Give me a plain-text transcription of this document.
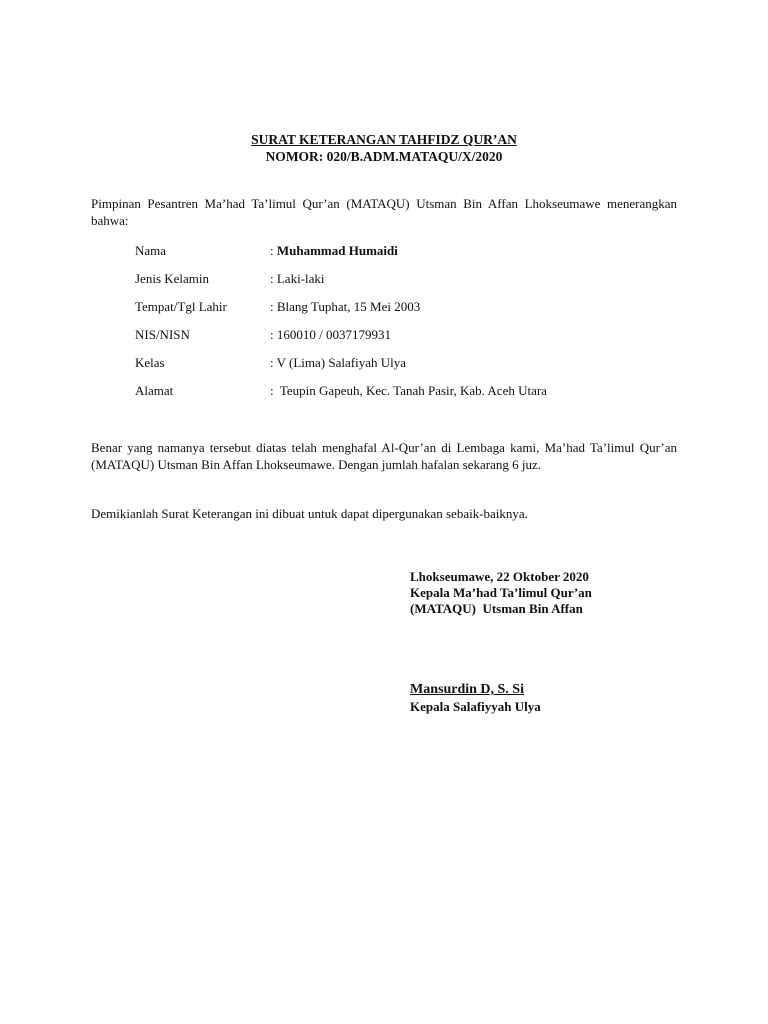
SURAT KETERANGAN TAHFIDZ QUR’AN
NOMOR: 020/B.ADM.MATAQU/X/2020

Pimpinan Pesantren Ma’had Ta’limul Qur’an (MATAQU) Utsman Bin Affan Lhokseumawe menerangkan bahwa:

Nama	: Muhammad Humaidi
Jenis Kelamin	: Laki-laki
Tempat/Tgl Lahir	: Blang Tuphat, 15 Mei 2003
NIS/NISN	: 160010 / 0037179931
Kelas	: V (Lima) Salafiyah Ulya
Alamat	:  Teupin Gapeuh, Kec. Tanah Pasir, Kab. Aceh Utara

Benar yang namanya tersebut diatas telah menghafal Al-Qur’an di Lembaga kami, Ma’had Ta’limul Qur’an (MATAQU) Utsman Bin Affan Lhokseumawe. Dengan jumlah hafalan sekarang 6 juz.

Demikianlah Surat Keterangan ini dibuat untuk dapat dipergunakan sebaik-baiknya.
Lhokseumawe, 22 Oktober 2020
Kepala Ma’had Ta’limul Qur’an
(MATAQU)  Utsman Bin Affan
Mansurdin D, S. Si
Kepala Salafiyyah Ulya
